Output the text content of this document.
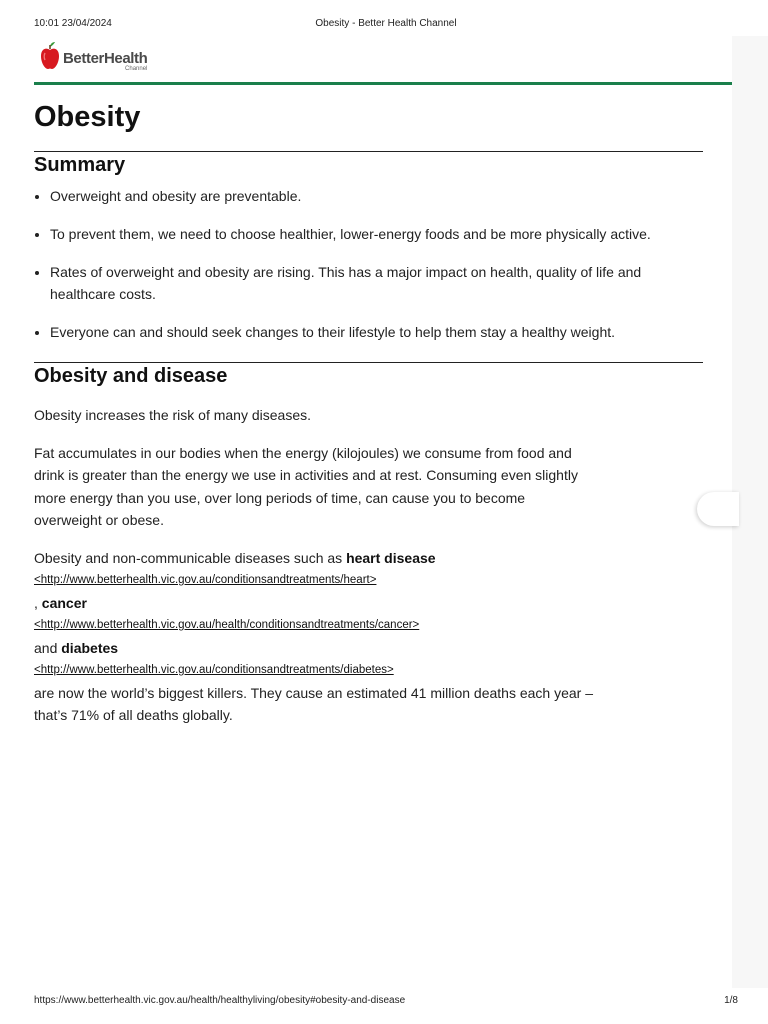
10:01 23/04/2024	Obesity - Better Health Channel
BetterHealth
Channel
Obesity
Summary
• Overweight and obesity are preventable.
• To prevent them, we need to choose healthier, lower-energy foods and be more physically active.
• Rates of overweight and obesity are rising. This has a major impact on health, quality of life and healthcare costs.
• Everyone can and should seek changes to their lifestyle to help them stay a healthy weight.
Obesity and disease

Obesity increases the risk of many diseases.

Fat accumulates in our bodies when the energy (kilojoules) we consume from food and drink is greater than the energy we use in activities and at rest. Consuming even slightly more energy than you use, over long periods of time, can cause you to become overweight or obese.

Obesity and non-communicable diseases such as heart disease
<http://www.betterhealth.vic.gov.au/conditionsandtreatments/heart>
, cancer
<http://www.betterhealth.vic.gov.au/health/conditionsandtreatments/cancer>
and diabetes
<http://www.betterhealth.vic.gov.au/conditionsandtreatments/diabetes>
are now the world’s biggest killers. They cause an estimated 41 million deaths each year – that’s 71% of all deaths globally.

https://www.betterhealth.vic.gov.au/health/healthyliving/obesity#obesity-and-disease	1/8
